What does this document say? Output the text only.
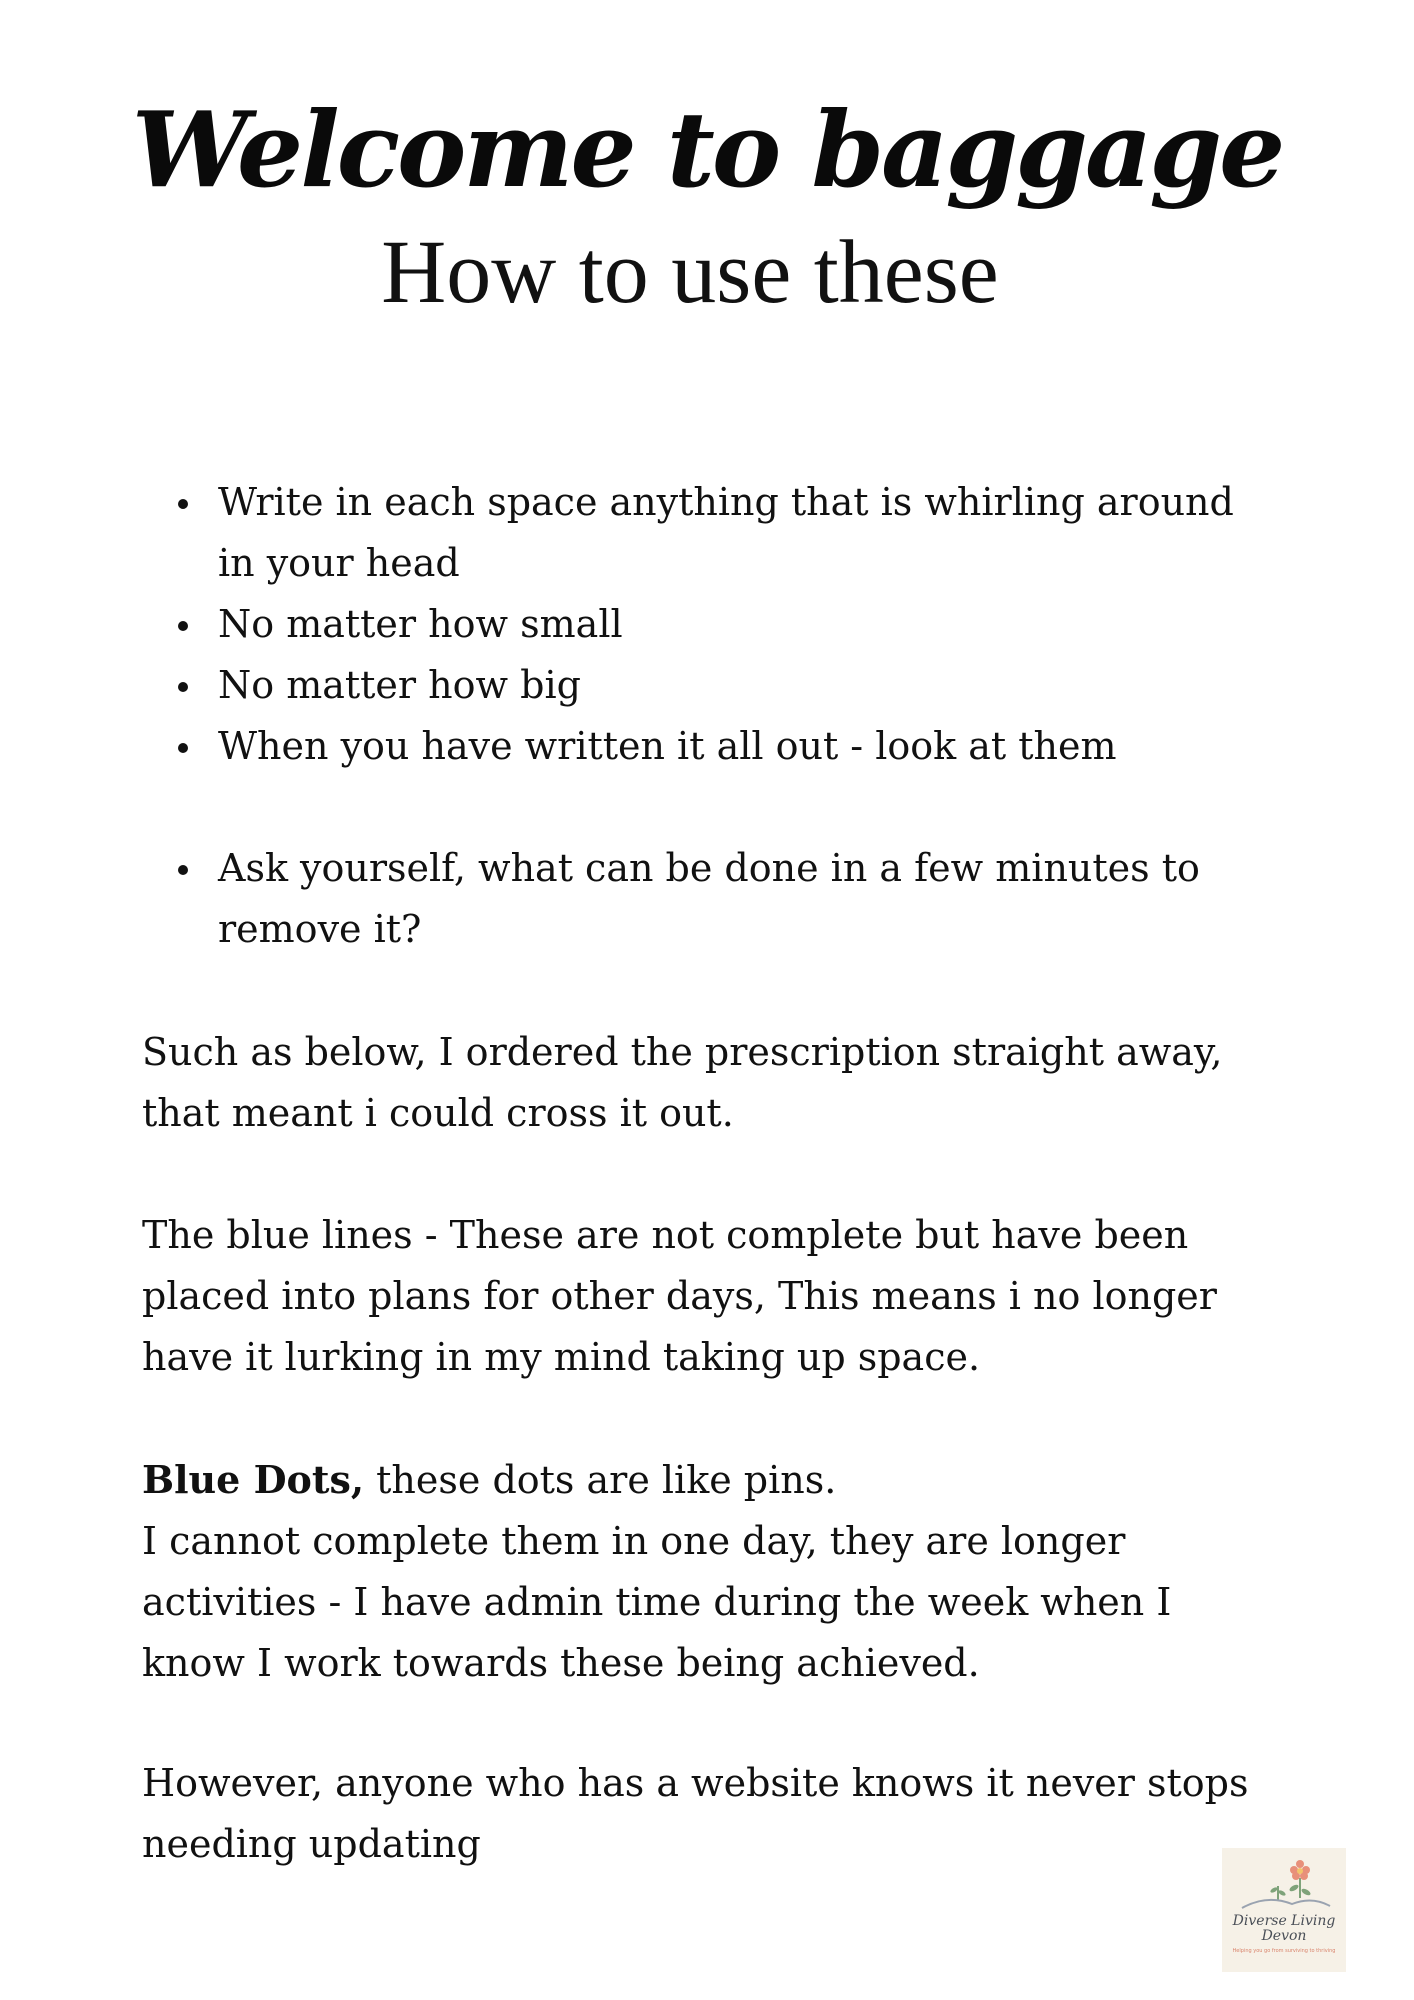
Welcome to baggage
How to use these
Write in each space anything that is whirling around in your head
No matter how small
No matter how big
When you have written it all out - look at them
Ask yourself, what can be done in a few minutes to remove it?

Such as below, I ordered the prescription straight away, that meant i could cross it out.

The blue lines - These are not complete but have been placed into plans for other days, This means i no longer have it lurking in my mind taking up space.

Blue Dots, these dots are like pins.
I cannot complete them in one day, they are longer activities - I have admin time during the week when I know I work towards these being achieved.

However, anyone who has a website knows it never stops needing updating

Diverse Living
Devon
Helping you go from surviving to thriving
